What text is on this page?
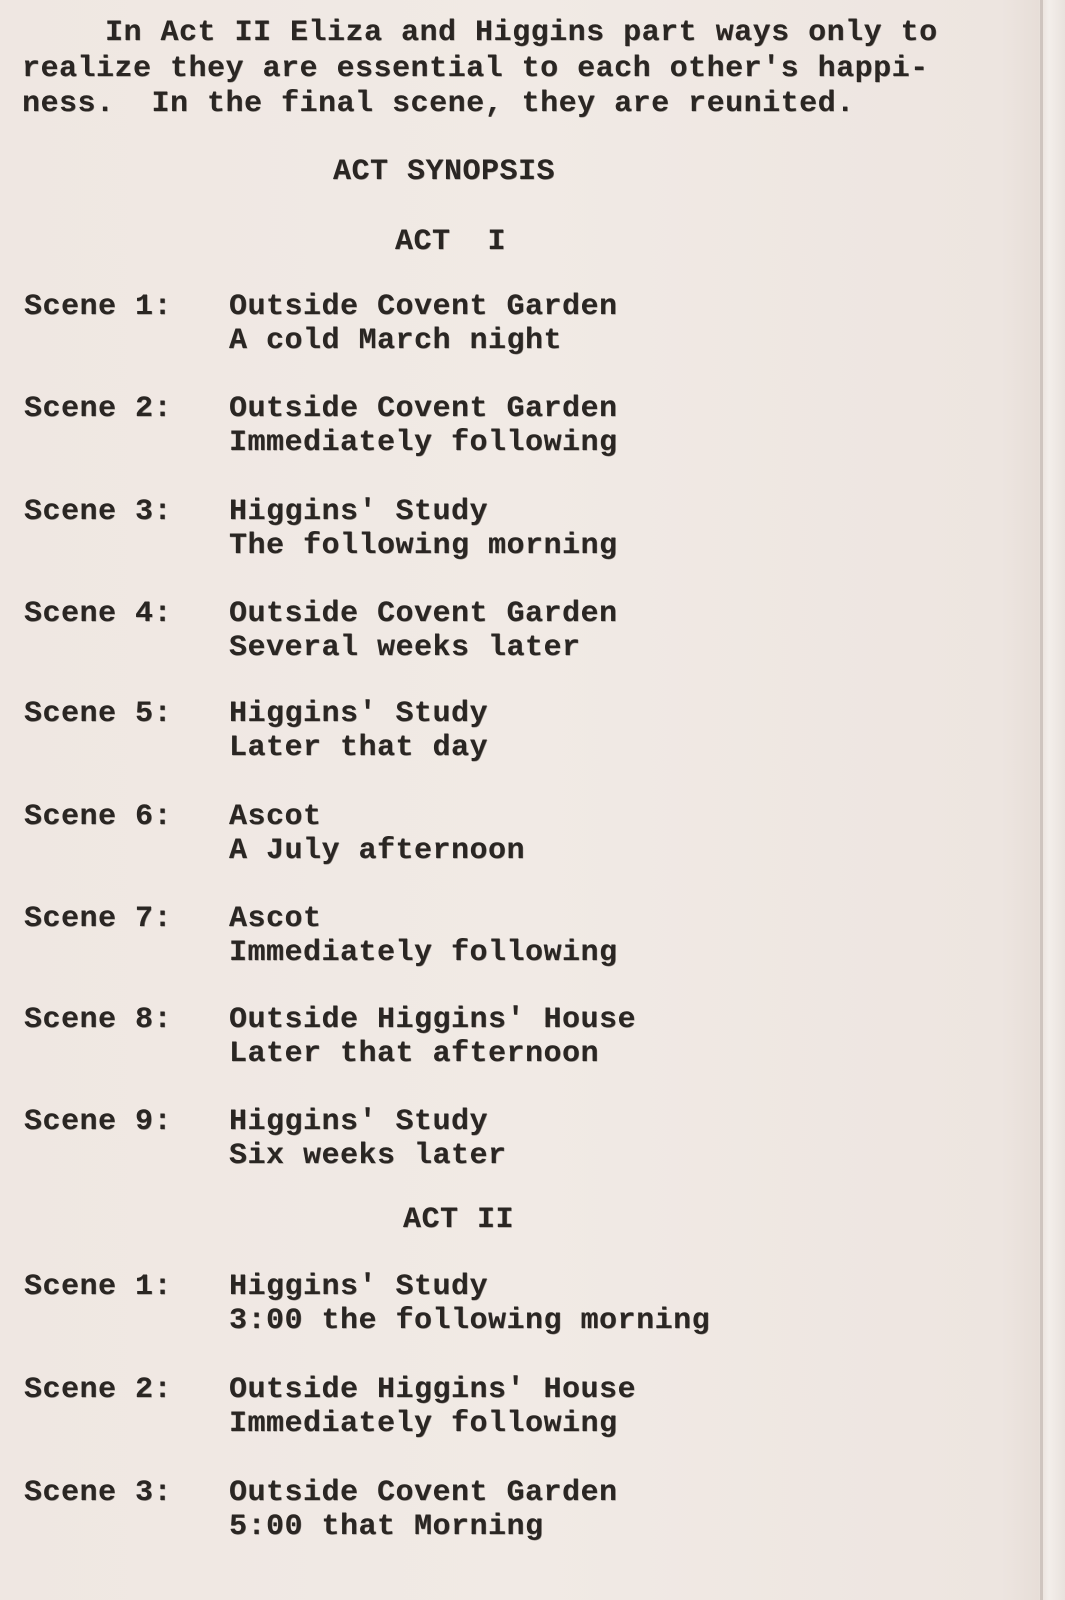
In Act II Eliza and Higgins part ways only to
realize they are essential to each other's happi-
ness.  In the final scene, they are reunited.
ACT SYNOPSIS
ACT  I
Scene 1: Outside Covent Garden
A cold March night
Scene 2: Outside Covent Garden
Immediately following
Scene 3: Higgins' Study
The following morning
Scene 4: Outside Covent Garden
Several weeks later
Scene 5: Higgins' Study
Later that day
Scene 6: Ascot
A July afternoon
Scene 7: Ascot
Immediately following
Scene 8: Outside Higgins' House
Later that afternoon
Scene 9: Higgins' Study
Six weeks later
ACT II
Scene 1: Higgins' Study
3:00 the following morning
Scene 2: Outside Higgins' House
Immediately following
Scene 3: Outside Covent Garden
5:00 that Morning
